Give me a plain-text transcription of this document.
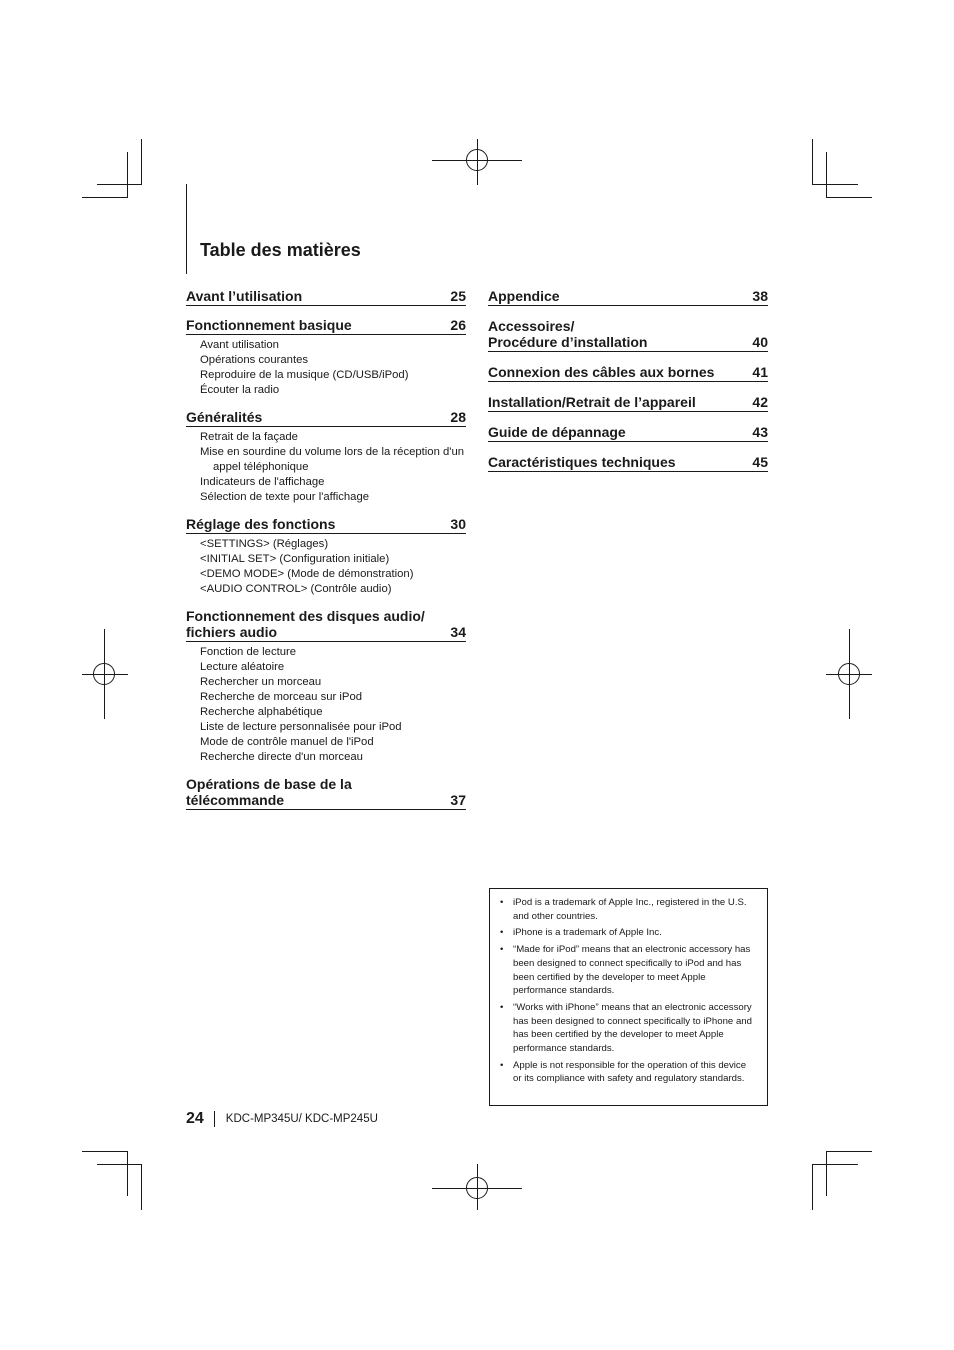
Table des matières
Avant l’utilisation	25
Fonctionnement basique	26
Avant utilisation
Opérations courantes
Reproduire de la musique (CD/USB/iPod)
Écouter la radio
Généralités	28
Retrait de la façade
Mise en sourdine du volume lors de la réception d'un appel téléphonique
Indicateurs de l'affichage
Sélection de texte pour l'affichage
Réglage des fonctions	30
<SETTINGS> (Réglages)
<INITIAL SET> (Configuration initiale)
<DEMO MODE> (Mode de démonstration)
<AUDIO CONTROL> (Contrôle audio)
Fonctionnement des disques audio/
fichiers audio	34
Fonction de lecture
Lecture aléatoire
Rechercher un morceau
Recherche de morceau sur iPod
Recherche alphabétique
Liste de lecture personnalisée pour iPod
Mode de contrôle manuel de l'iPod
Recherche directe d'un morceau
Opérations de base de la
télécommande	37
Appendice	38
Accessoires/
Procédure d’installation	40
Connexion des câbles aux bornes	41
Installation/Retrait de l’appareil	42
Guide de dépannage	43
Caractéristiques techniques	45
• iPod is a trademark of Apple Inc., registered in the U.S. and other countries.
• iPhone is a trademark of Apple Inc.
• “Made for iPod” means that an electronic accessory has been designed to connect specifically to iPod and has been certified by the developer to meet Apple performance standards.
• “Works with iPhone” means that an electronic accessory has been designed to connect specifically to iPhone and has been certified by the developer to meet Apple performance standards.
• Apple is not responsible for the operation of this device or its compliance with safety and regulatory standards.
24 KDC-MP345U/ KDC-MP245U
